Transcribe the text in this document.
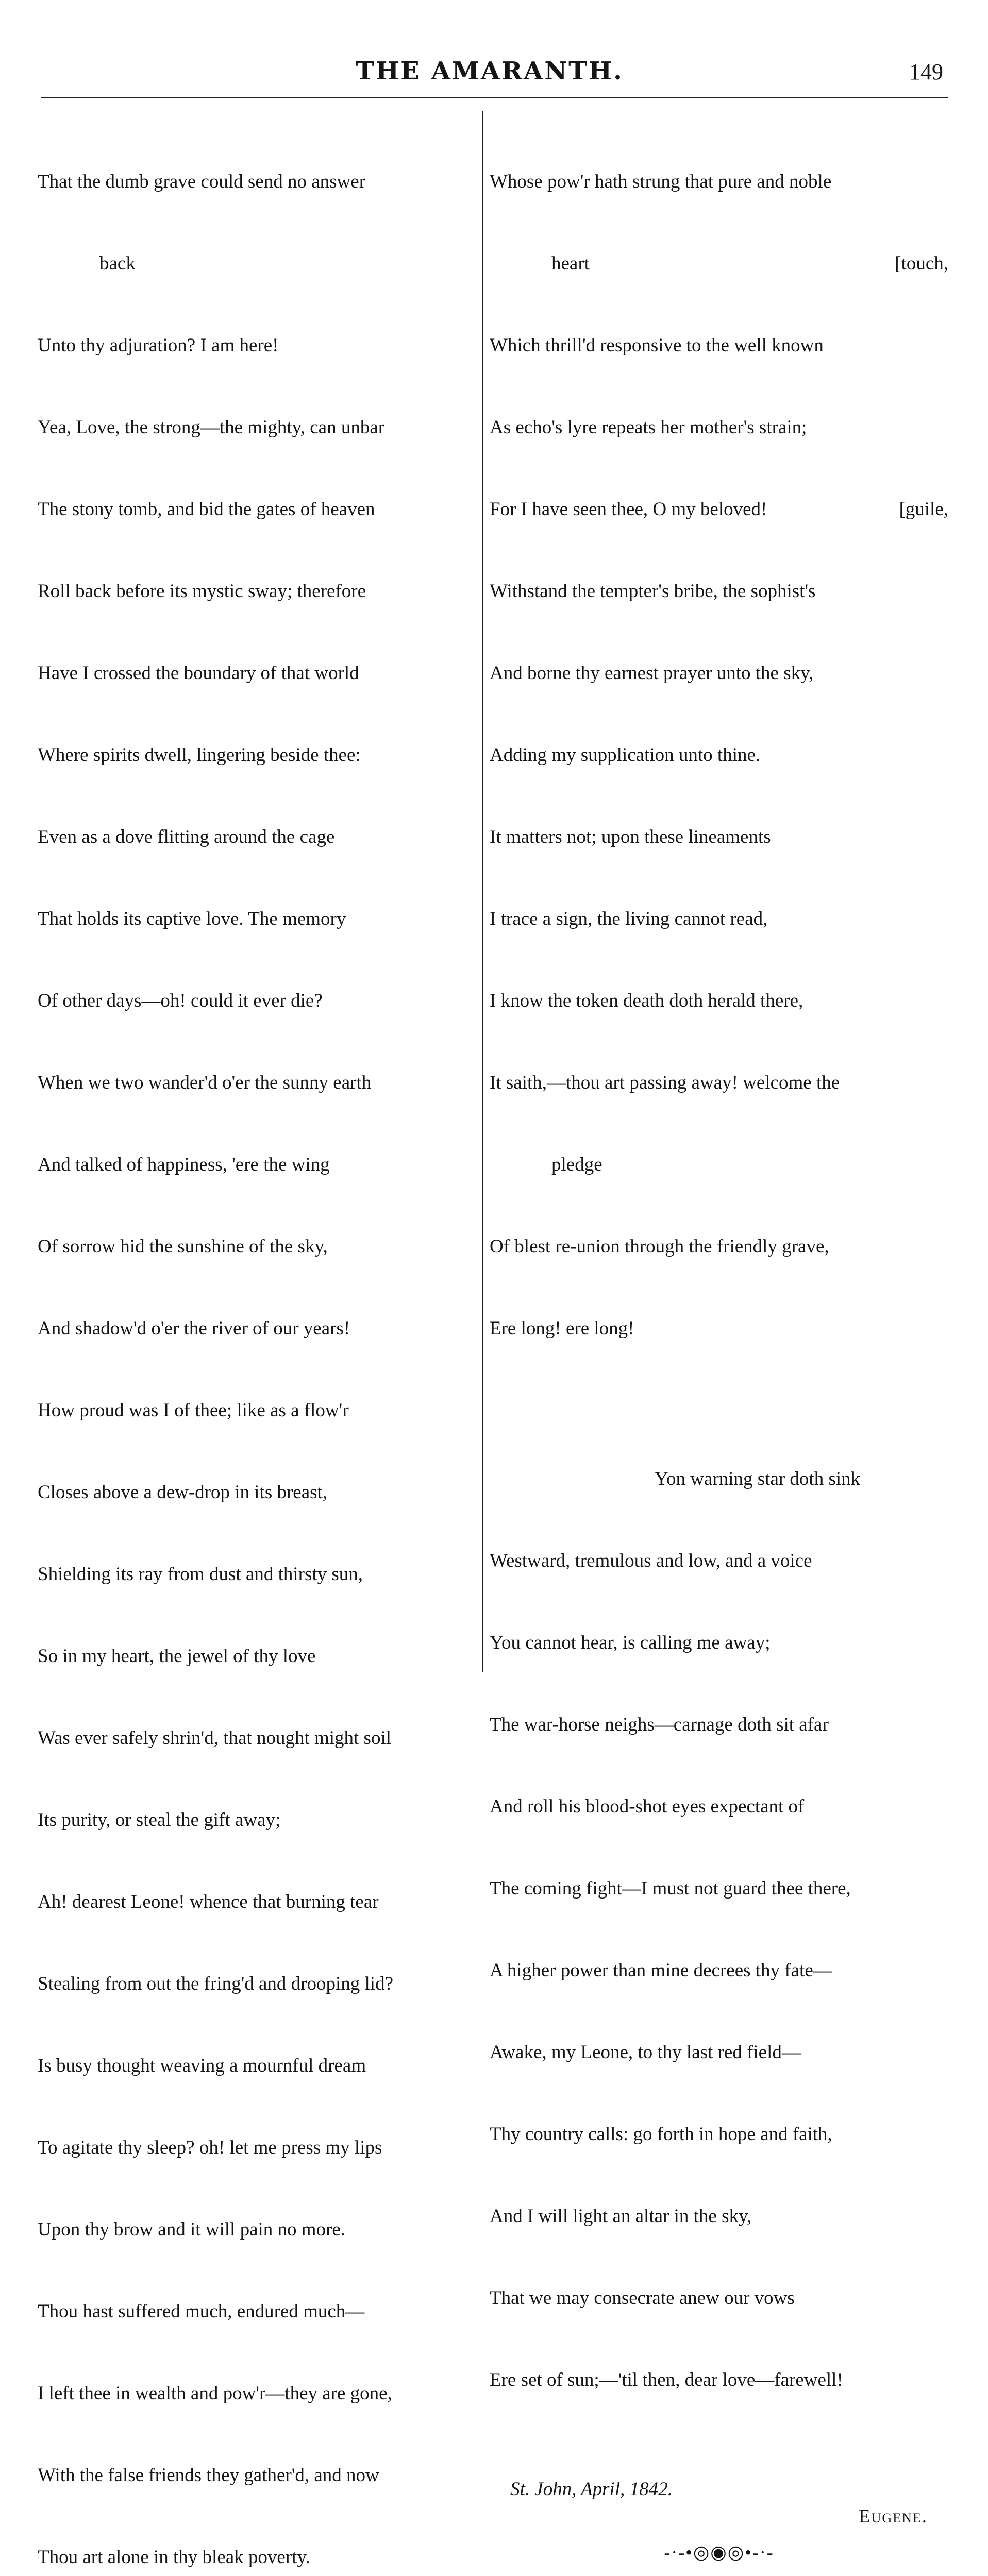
THE AMARANTH.	149

That the dumb grave could send no answer

back

Unto thy adjuration? I am here!

Yea, Love, the strong—the mighty, can unbar

The stony tomb, and bid the gates of heaven

Roll back before its mystic sway; therefore

Have I crossed the boundary of that world

Where spirits dwell, lingering beside thee:

Even as a dove flitting around the cage

That holds its captive love. The memory

Of other days—oh! could it ever die?

When we two wander'd o'er the sunny earth

And talked of happiness, 'ere the wing

Of sorrow hid the sunshine of the sky,

And shadow'd o'er the river of our years!

How proud was I of thee; like as a flow'r

Closes above a dew-drop in its breast,

Shielding its ray from dust and thirsty sun,

So in my heart, the jewel of thy love

Was ever safely shrin'd, that nought might soil

Its purity, or steal the gift away;

Ah! dearest Leone! whence that burning tear

Stealing from out the fring'd and drooping lid?

Is busy thought weaving a mournful dream

To agitate thy sleep? oh! let me press my lips

Upon thy brow and it will pain no more.

Thou hast suffered much, endured much—

I left thee in wealth and pow'r—they are gone,

With the false friends they gather'd, and now

Thou art alone in thy bleak poverty.

Whose pow'r hath strung that pure and noble

heart	[touch,

Which thrill'd responsive to the well known

As echo's lyre repeats her mother's strain;

For I have seen thee, O my beloved!	[guile,

Withstand the tempter's bribe, the sophist's

And borne thy earnest prayer unto the sky,

Adding my supplication unto thine.

It matters not; upon these lineaments

I trace a sign, the living cannot read,

I know the token death doth herald there,

It saith,—thou art passing away! welcome the

pledge

Of blest re-union through the friendly grave,

Ere long! ere long!

Yon warning star doth sink

Westward, tremulous and low, and a voice

You cannot hear, is calling me away;

The war-horse neighs—carnage doth sit afar

And roll his blood-shot eyes expectant of

The coming fight—I must not guard thee there,

A higher power than mine decrees thy fate—

Awake, my Leone, to thy last red field—

Thy country calls: go forth in hope and faith,

And I will light an altar in the sky,

That we may consecrate anew our vows

Ere set of sun;—'til then, dear love—farewell!

St. John, April, 1842.

Eugene.

-·-•◎◉◎•-·-
